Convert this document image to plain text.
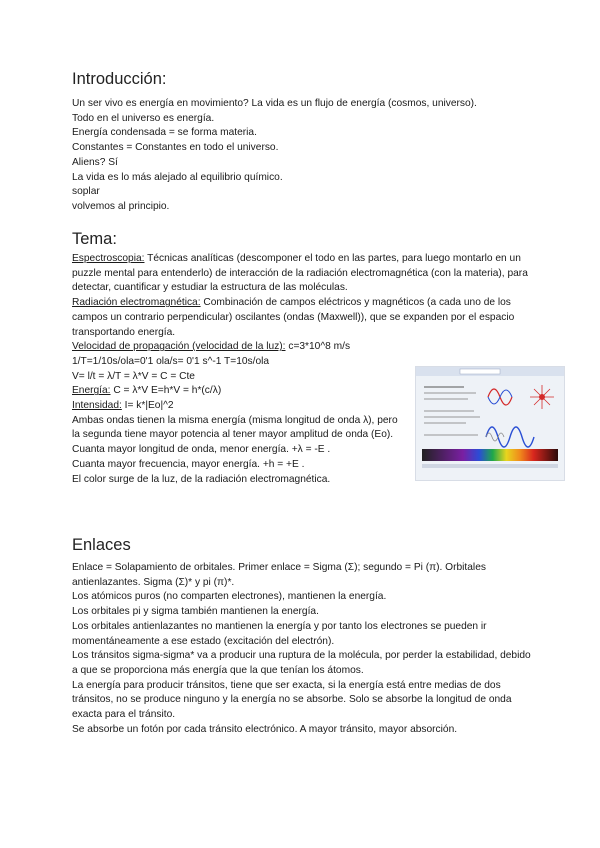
Introducción:

Un ser vivo es energía en movimiento? La vida es un flujo de energía (cosmos, universo).

Todo en el universo es energía.

Energía condensada = se forma materia.

Constantes = Constantes en todo el universo.

Aliens? Sí

La vida es lo más alejado al equilibrio químico.

soplar

volvemos al principio.

Tema:

Espectroscopia: Técnicas analíticas (descomponer el todo en las partes, para luego montarlo en un puzzle mental para entenderlo) de interacción de la radiación electromagnética (con la materia), para detectar, cuantificar y estudiar la estructura de las moléculas.

Radiación electromagnética: Combinación de campos eléctricos y magnéticos (a cada uno de los campos un contrario perpendicular) oscilantes (ondas (Maxwell)), que se expanden por el espacio transportando energía.

Velocidad de propagación (velocidad de la luz): c=3*10^8 m/s

1/T=1/10s/ola=0'1 ola/s= 0'1 s^-1 T=10s/ola

V= l/t = λ/T = λ*V = C = Cte

Energía: C = λ*V E=h*V = h*(c/λ)

Intensidad: I= k*|Eo|^2

Ambas ondas tienen la misma energía (misma longitud de onda λ), pero la segunda tiene mayor potencia al tener mayor amplitud de onda (Eo).

Cuanta mayor longitud de onda, menor energía. +λ = -E .

Cuanta mayor frecuencia, mayor energía. +h = +E .

El color surge de la luz, de la radiación electromagnética.

Enlaces

Enlace = Solapamiento de orbitales. Primer enlace = Sigma (Σ); segundo = Pi (π). Orbitales antienlazantes. Sigma (Σ)* y pi (π)*.

Los atómicos puros (no comparten electrones), mantienen la energía.

Los orbitales pi y sigma también mantienen la energía.

Los orbitales antienlazantes no mantienen la energía y por tanto los electrones se pueden ir momentáneamente a ese estado (excitación del electrón).

Los tránsitos sigma-sigma* va a producir una ruptura de la molécula, por perder la estabilidad, debido a que se proporciona más energía que la que tenían los átomos.

La energía para producir tránsitos, tiene que ser exacta, si la energía está entre medias de dos tránsitos, no se produce ninguno y la energía no se absorbe. Solo se absorbe la longitud de onda exacta para el tránsito.

Se absorbe un fotón por cada tránsito electrónico. A mayor tránsito, mayor absorción.
